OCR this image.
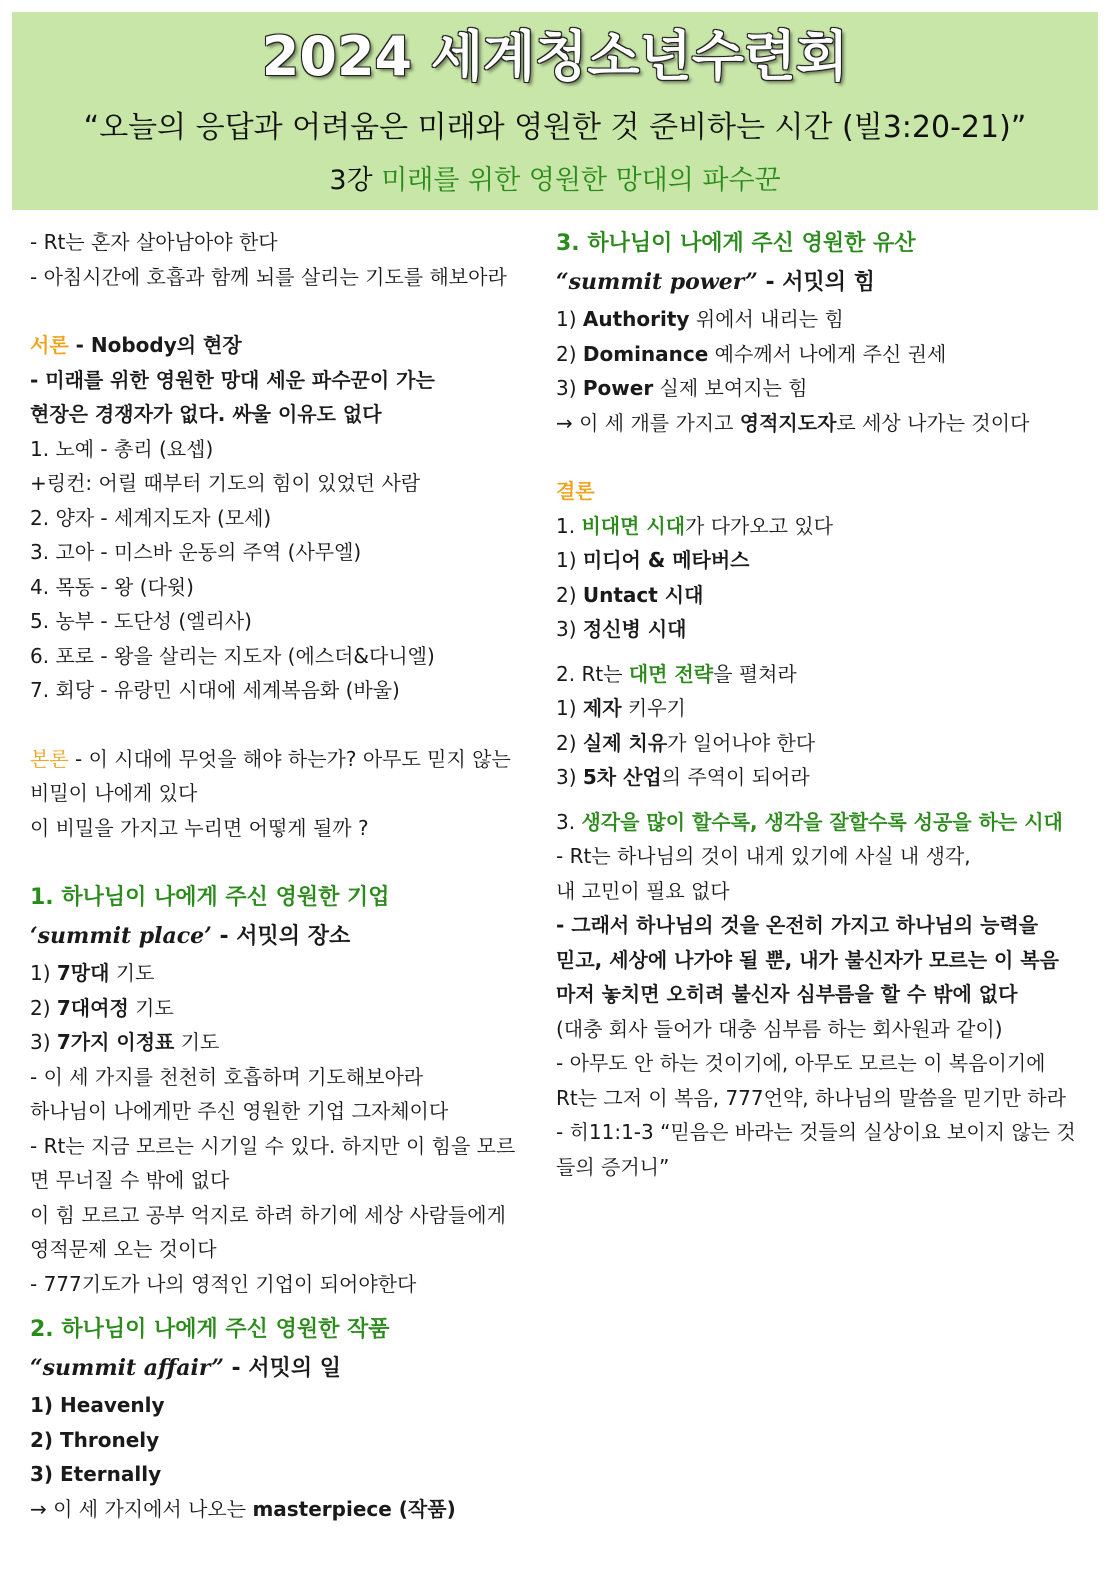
2024 세계청소년수련회
“오늘의 응답과 어려움은 미래와 영원한 것 준비하는 시간 (빌3:20-21)”
3강 미래를 위한 영원한 망대의 파수꾼
- Rt는 혼자 살아남아야 한다
- 아침시간에 호흡과 함께 뇌를 살리는 기도를 해보아라
서론 - Nobody의 현장
- 미래를 위한 영원한 망대 세운 파수꾼이 가는
현장은 경쟁자가 없다. 싸울 이유도 없다
1. 노예 - 총리 (요셉)
+링컨: 어릴 때부터 기도의 힘이 있었던 사람
2. 양자 - 세계지도자 (모세)
3. 고아 - 미스바 운동의 주역 (사무엘)
4. 목동 - 왕 (다윗)
5. 농부 - 도단성 (엘리사)
6. 포로 - 왕을 살리는 지도자 (에스더&다니엘)
7. 회당 - 유랑민 시대에 세계복음화 (바울)
본론 - 이 시대에 무엇을 해야 하는가? 아무도 믿지 않는
비밀이 나에게 있다
이 비밀을 가지고 누리면 어떻게 될까 ?
1. 하나님이 나에게 주신 영원한 기업
‘summit place’ - 서밋의 장소
1) 7망대 기도
2) 7대여정 기도
3) 7가지 이정표 기도
- 이 세 가지를 천천히 호흡하며 기도해보아라
하나님이 나에게만 주신 영원한 기업 그자체이다
- Rt는 지금 모르는 시기일 수 있다. 하지만 이 힘을 모르
면 무너질 수 밖에 없다
이 힘 모르고 공부 억지로 하려 하기에 세상 사람들에게
영적문제 오는 것이다
- 777기도가 나의 영적인 기업이 되어야한다
2. 하나님이 나에게 주신 영원한 작품
“summit affair” - 서밋의 일
1) Heavenly
2) Thronely
3) Eternally
→ 이 세 가지에서 나오는 masterpiece (작품)
3. 하나님이 나에게 주신 영원한 유산
“summit power” - 서밋의 힘
1) Authority 위에서 내리는 힘
2) Dominance 예수께서 나에게 주신 권세
3) Power 실제 보여지는 힘
→ 이 세 개를 가지고 영적지도자로 세상 나가는 것이다
결론
1. 비대면 시대가 다가오고 있다
1) 미디어 & 메타버스
2) Untact 시대
3) 정신병 시대
2. Rt는 대면 전략을 펼쳐라
1) 제자 키우기
2) 실제 치유가 일어나야 한다
3) 5차 산업의 주역이 되어라
3. 생각을 많이 할수록, 생각을 잘할수록 성공을 하는 시대
- Rt는 하나님의 것이 내게 있기에 사실 내 생각,
내 고민이 필요 없다
- 그래서 하나님의 것을 온전히 가지고 하나님의 능력을
믿고, 세상에 나가야 될 뿐, 내가 불신자가 모르는 이 복음
마저 놓치면 오히려 불신자 심부름을 할 수 밖에 없다
(대충 회사 들어가 대충 심부름 하는 회사원과 같이)
- 아무도 안 하는 것이기에, 아무도 모르는 이 복음이기에
Rt는 그저 이 복음, 777언약, 하나님의 말씀을 믿기만 하라
- 히11:1-3 “믿음은 바라는 것들의 실상이요 보이지 않는 것
들의 증거니”
